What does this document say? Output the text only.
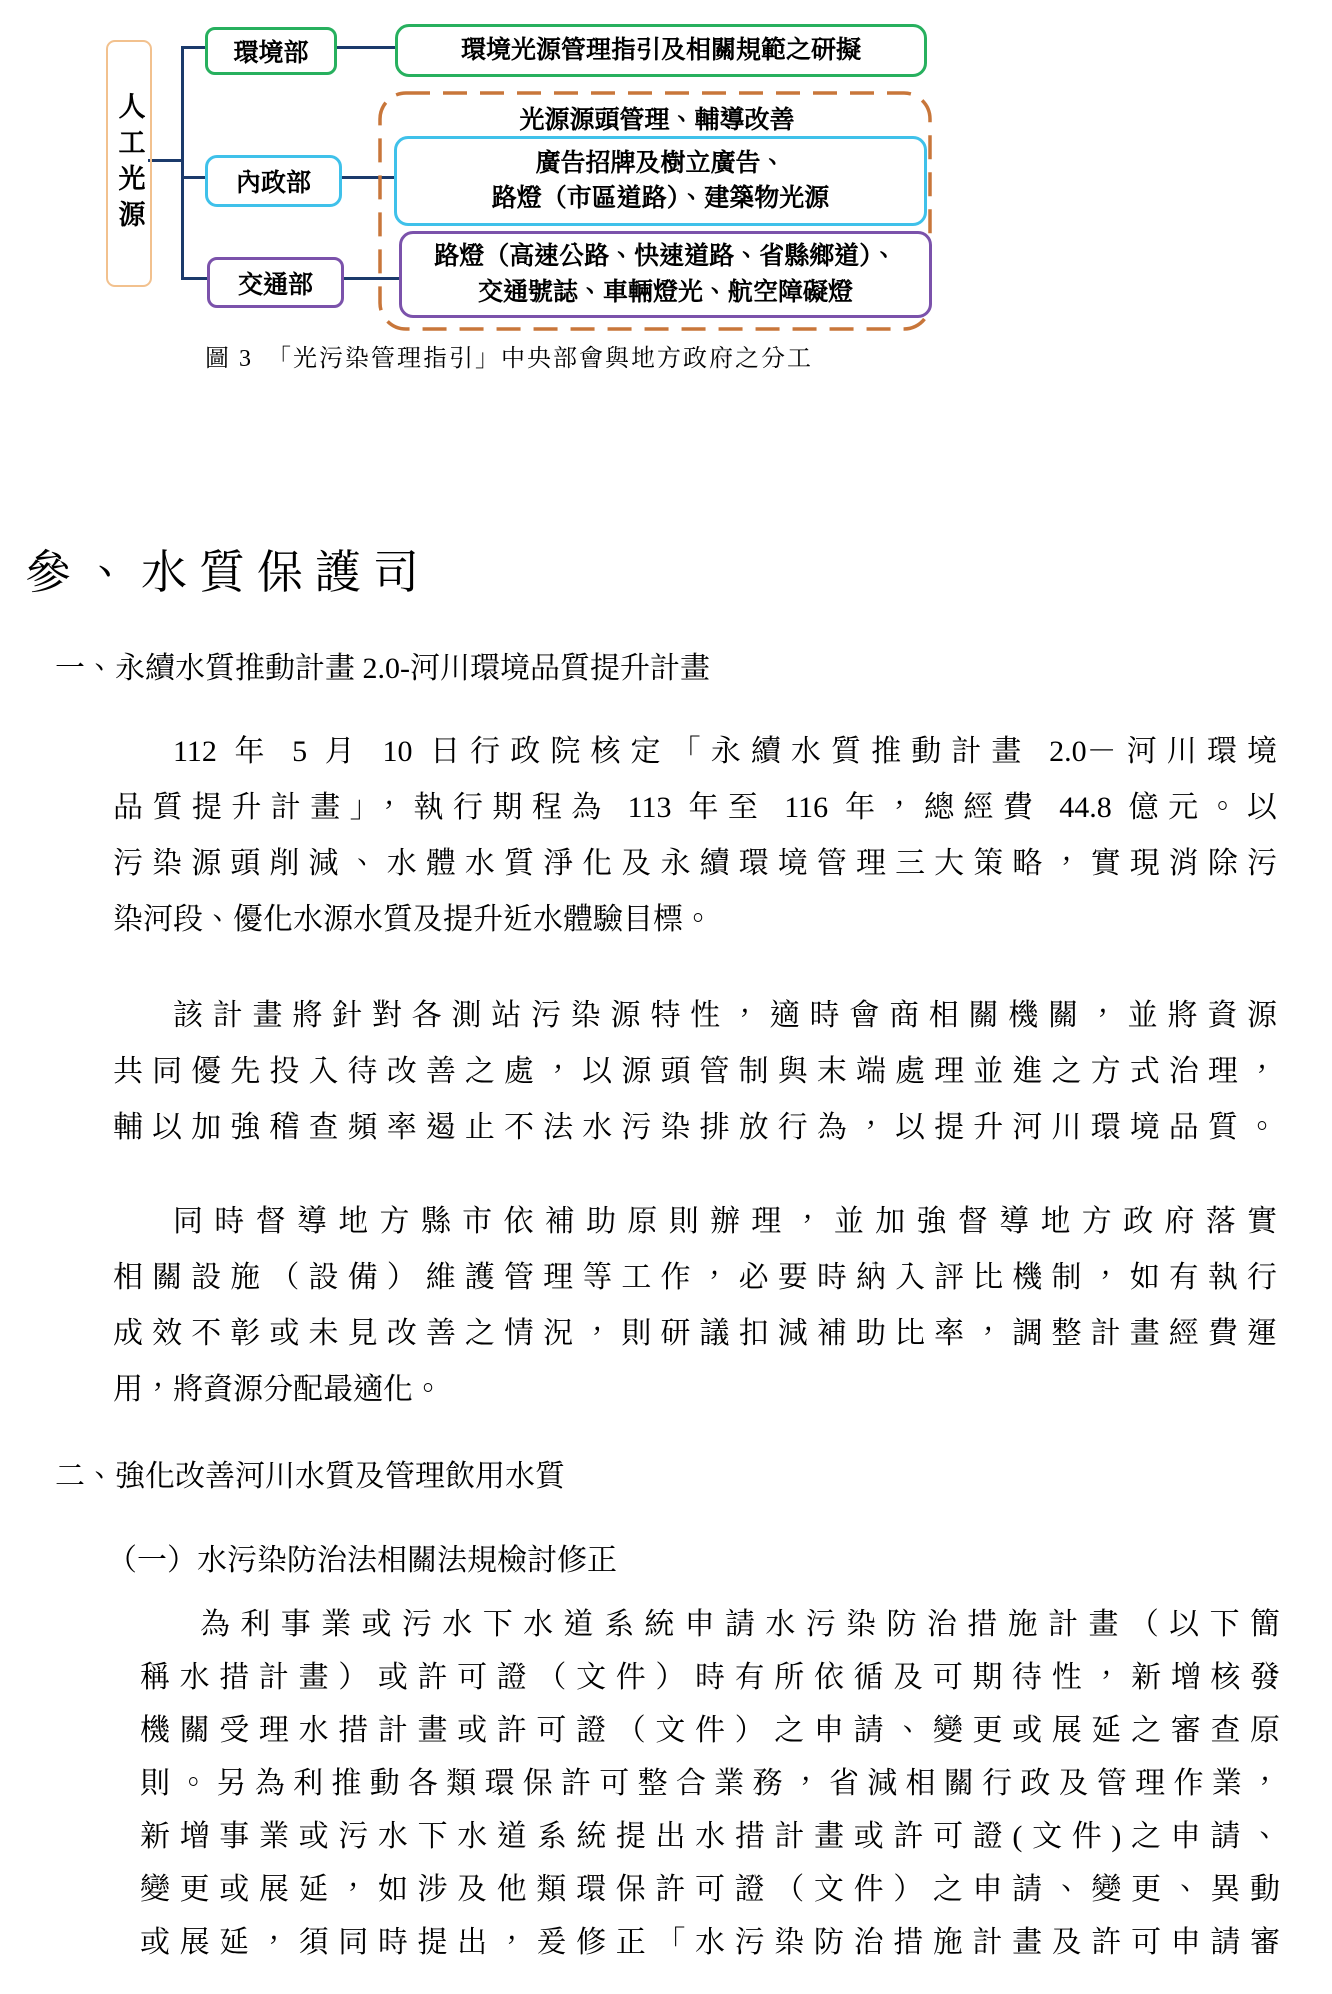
人工光源
環境部
內政部
交通部
環境光源管理指引及相關規範之研擬
光源源頭管理、輔導改善
廣告招牌及樹立廣告、
路燈（市區道路）、建築物光源
路燈（高速公路、快速道路、省縣鄉道）、
交通號誌、車輛燈光、航空障礙燈
圖 3　「光污染管理指引」中央部會與地方政府之分工
參、水質保護司
一、永續水質推動計畫 2.0-河川環境品質提升計畫
112 年 5 月 10 日行政院核定「永續水質推動計畫 2.0－河川環境
品質提升計畫」，執行期程為 113 年至 116 年，總經費 44.8 億元。以
污染源頭削減、水體水質淨化及永續環境管理三大策略，實現消除污
染河段、優化水源水質及提升近水體驗目標。
該計畫將針對各測站污染源特性，適時會商相關機關，並將資源
共同優先投入待改善之處，以源頭管制與末端處理並進之方式治理，
輔以加強稽查頻率遏止不法水污染排放行為，以提升河川環境品質。
同時督導地方縣市依補助原則辦理，並加強督導地方政府落實
相關設施（設備）維護管理等工作，必要時納入評比機制，如有執行
成效不彰或未見改善之情況，則研議扣減補助比率，調整計畫經費運
用，將資源分配最適化。
二、強化改善河川水質及管理飲用水質
（一）水污染防治法相關法規檢討修正
為利事業或污水下水道系統申請水污染防治措施計畫（以下簡
稱水措計畫）或許可證（文件）時有所依循及可期待性，新增核發
機關受理水措計畫或許可證（文件）之申請、變更或展延之審查原
則。另為利推動各類環保許可整合業務，省減相關行政及管理作業，
新增事業或污水下水道系統提出水措計畫或許可證(文件)之申請、
變更或展延，如涉及他類環保許可證（文件）之申請、變更、異動
或展延，須同時提出，爰修正「水污染防治措施計畫及許可申請審
